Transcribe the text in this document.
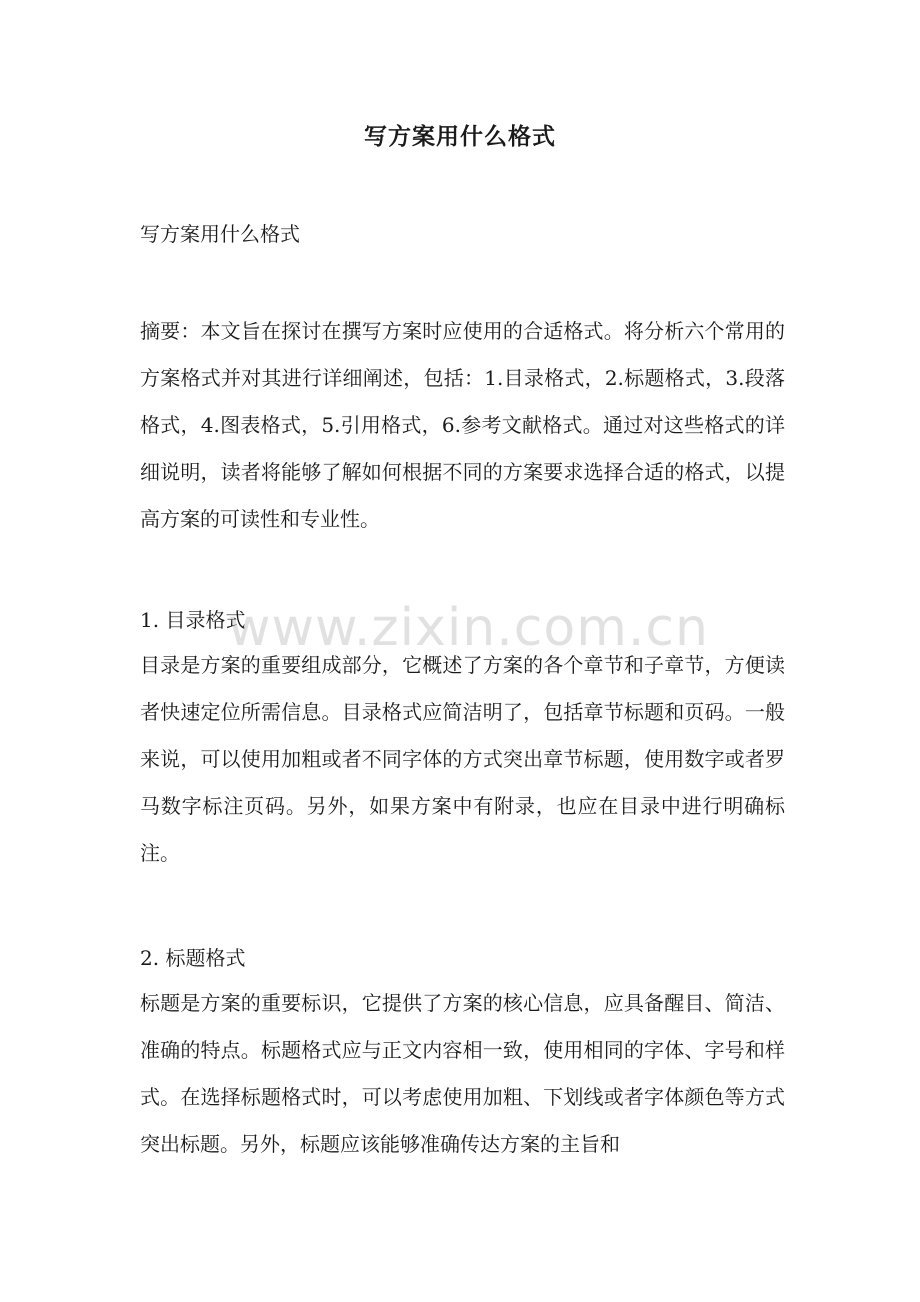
写方案用什么格式

写方案用什么格式

摘要：本文旨在探讨在撰写方案时应使用的合适格式。将分析六个常用的方案格式并对其进行详细阐述，包括：1.目录格式，2.标题格式，3.段落格式，4.图表格式，5.引用格式，6.参考文献格式。通过对这些格式的详细说明，读者将能够了解如何根据不同的方案要求选择合适的格式，以提高方案的可读性和专业性。

1. 目录格式

目录是方案的重要组成部分，它概述了方案的各个章节和子章节，方便读者快速定位所需信息。目录格式应简洁明了，包括章节标题和页码。一般来说，可以使用加粗或者不同字体的方式突出章节标题，使用数字或者罗马数字标注页码。另外，如果方案中有附录，也应在目录中进行明确标注。

2. 标题格式

标题是方案的重要标识，它提供了方案的核心信息，应具备醒目、简洁、准确的特点。标题格式应与正文内容相一致，使用相同的字体、字号和样式。在选择标题格式时，可以考虑使用加粗、下划线或者字体颜色等方式突出标题。另外，标题应该能够准确传达方案的主旨和

www.zixin.com.cn
